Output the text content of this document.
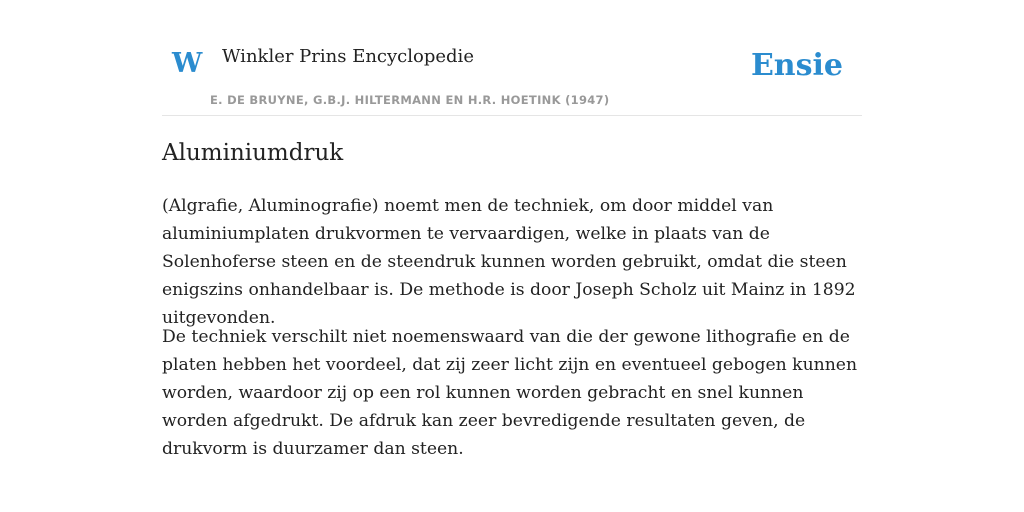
W Winkler Prins Encyclopedie
E. DE BRUYNE, G.B.J. HILTERMANN EN H.R. HOETINK (1947)
Ensie
Aluminiumdruk

(Algrafie, Aluminografie) noemt men de techniek, om door middel van aluminiumplaten drukvormen te vervaardigen, welke in plaats van de Solenhoferse steen en de steendruk kunnen worden gebruikt, omdat die steen enigszins onhandelbaar is. De methode is door Joseph Scholz uit Mainz in 1892 uitgevonden.

De techniek verschilt niet noemenswaard van die der gewone lithografie en de platen hebben het voordeel, dat zij zeer licht zijn en eventueel gebogen kunnen worden, waardoor zij op een rol kunnen worden gebracht en snel kunnen worden afgedrukt. De afdruk kan zeer bevredigende resultaten geven, de drukvorm is duurzamer dan steen.
